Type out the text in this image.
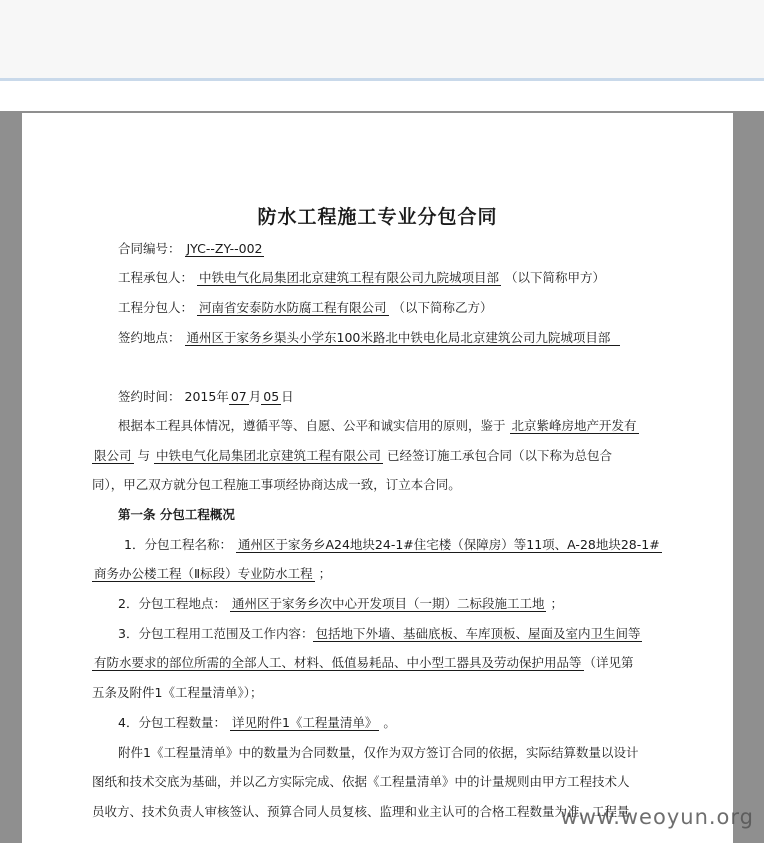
防水工程施工专业分包合同
合同编号： JYC--ZY--002
工程承包人： 中铁电气化局集团北京建筑工程有限公司九院城项目部 （以下简称甲方）
工程分包人： 河南省安泰防水防腐工程有限公司 （以下简称乙方）
签约地点： 通州区于家务乡渠头小学东100米路北中铁电化局北京建筑公司九院城项目部
签约时间： 2015年 07 月 05 日
根据本工程具体情况，遵循平等、自愿、公平和诚实信用的原则，鉴于 北京紫峰房地产开发有
限公司 与 中铁电气化局集团北京建筑工程有限公司 已经签订施工承包合同（以下称为总包合
同），甲乙双方就分包工程施工事项经协商达成一致，订立本合同。
第一条 分包工程概况
1．分包工程名称： 通州区于家务乡A24地块24-1#住宅楼（保障房）等11项、A-28地块28-1#
商务办公楼工程（Ⅱ标段）专业防水工程 ；
2．分包工程地点： 通州区于家务乡次中心开发项目（一期）二标段施工工地 ；
3．分包工程用工范围及工作内容： 包括地下外墙、基础底板、车库顶板、屋面及室内卫生间等
有防水要求的部位所需的全部人工、材料、低值易耗品、中小型工器具及劳动保护用品等 （详见第
五条及附件1《工程量清单》）；
4．分包工程数量： 详见附件1《工程量清单》 。
附件1《工程量清单》中的数量为合同数量，仅作为双方签订合同的依据，实际结算数量以设计
图纸和技术交底为基础，并以乙方实际完成、依据《工程量清单》中的计量规则由甲方工程技术人
员收方、技术负责人审核签认、预算合同人员复核、监理和业主认可的合格工程数量为准，工程量
www.weoyun.org
